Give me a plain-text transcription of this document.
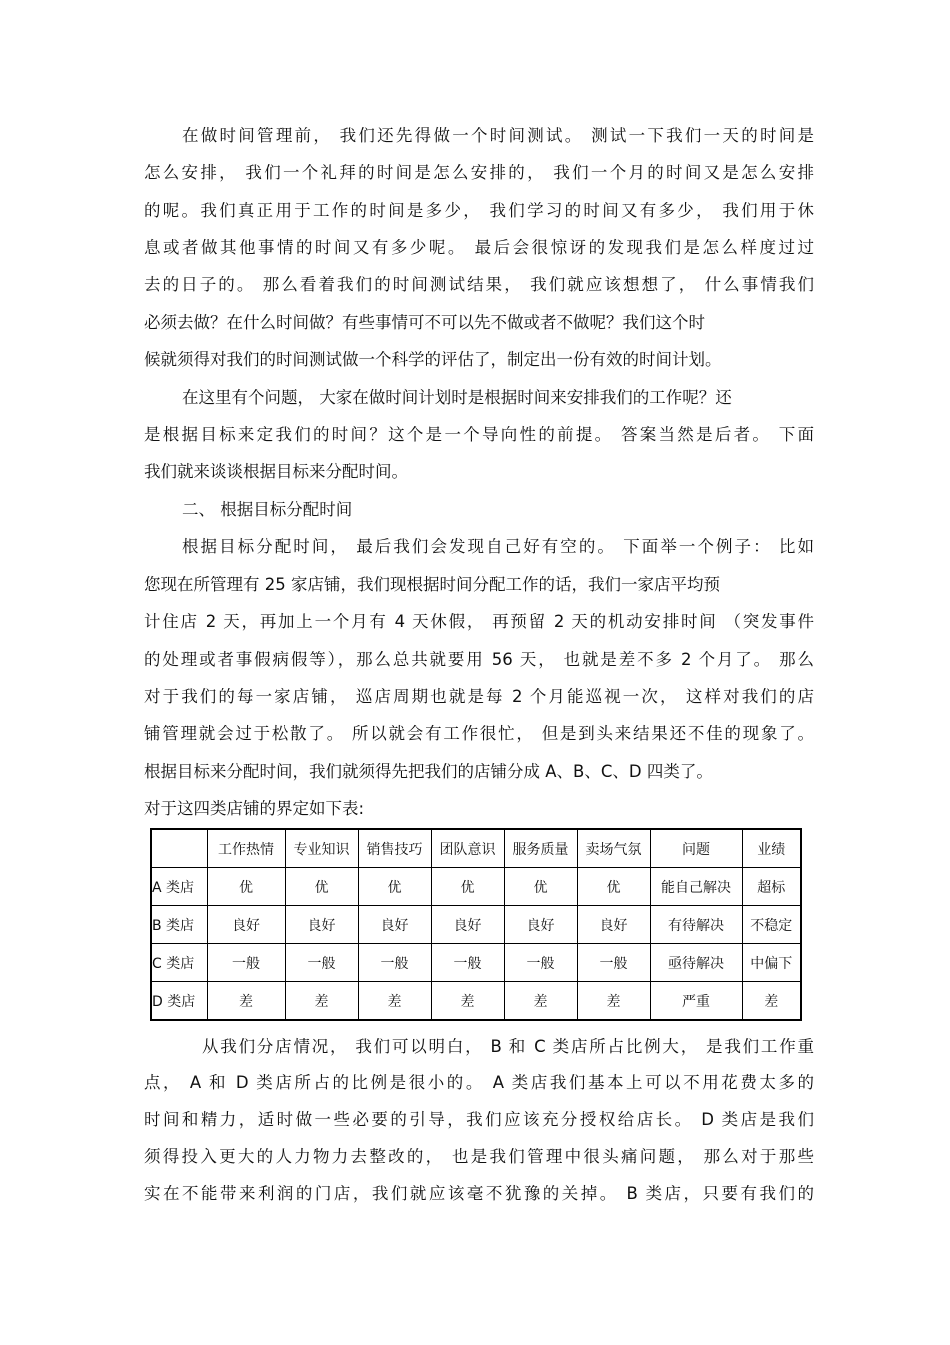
在做时间管理前， 我们还先得做一个时间测试。 测试一下我们一天的时间是
怎么安排， 我们一个礼拜的时间是怎么安排的， 我们一个月的时间又是怎么安排
的呢。我们真正用于工作的时间是多少， 我们学习的时间又有多少， 我们用于休
息或者做其他事情的时间又有多少呢。 最后会很惊讶的发现我们是怎么样度过过
去的日子的。 那么看着我们的时间测试结果， 我们就应该想想了， 什么事情我们
必须去做？在什么时间做？有些事情可不可以先不做或者不做呢？我们这个时
候就须得对我们的时间测试做一个科学的评估了，制定出一份有效的时间计划。
在这里有个问题， 大家在做时间计划时是根据时间来安排我们的工作呢？还
是根据目标来定我们的时间？这个是一个导向性的前提。 答案当然是后者。 下面
我们就来谈谈根据目标来分配时间。
二、 根据目标分配时间
根据目标分配时间， 最后我们会发现自己好有空的。 下面举一个例子： 比如
您现在所管理有 25 家店铺，我们现根据时间分配工作的话，我们一家店平均预
计住店 2 天，再加上一个月有 4 天休假， 再预留 2 天的机动安排时间 （突发事件
的处理或者事假病假等），那么总共就要用 56 天， 也就是差不多 2 个月了。 那么
对于我们的每一家店铺， 巡店周期也就是每 2 个月能巡视一次， 这样对我们的店
铺管理就会过于松散了。 所以就会有工作很忙， 但是到头来结果还不佳的现象了。
根据目标来分配时间，我们就须得先把我们的店铺分成 A、B、C、D 四类了。
对于这四类店铺的界定如下表:
	工作热情	专业知识	销售技巧	团队意识	服务质量	卖场气氛	问题	业绩
A 类店	优	优	优	优	优	优	能自己解决	超标
B 类店	良好	良好	良好	良好	良好	良好	有待解决	不稳定
C 类店	一般	一般	一般	一般	一般	一般	亟待解决	中偏下
D 类店	差	差	差	差	差	差	严重	差
从我们分店情况， 我们可以明白， B 和 C 类店所占比例大， 是我们工作重
点， A 和 D 类店所占的比例是很小的。 A 类店我们基本上可以不用花费太多的
时间和精力，适时做一些必要的引导，我们应该充分授权给店长。 D 类店是我们
须得投入更大的人力物力去整改的， 也是我们管理中很头痛问题， 那么对于那些
实在不能带来利润的门店，我们就应该毫不犹豫的关掉。 B 类店，只要有我们的
